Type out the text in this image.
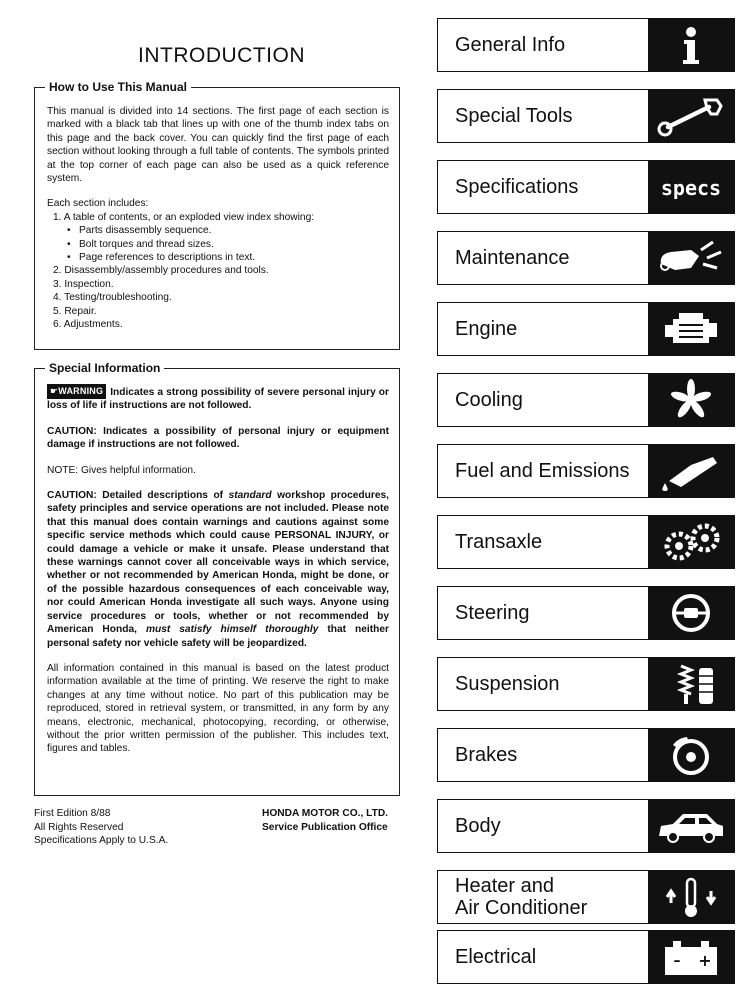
INTRODUCTION
How to Use This Manual

This manual is divided into 14 sections. The first page of each section is marked with a black tab that lines up with one of the thumb index tabs on this page and the back cover. You can quickly find the first page of each section without looking through a full table of contents. The symbols printed at the top corner of each page can also be used as a quick reference system.

Each section includes:

1. A table of contents, or an exploded view index showing:
• Parts disassembly sequence.
• Bolt torques and thread sizes.
• Page references to descriptions in text.
2. Disassembly/assembly procedures and tools.
3. Inspection.
4. Testing/troubleshooting.
5. Repair.
6. Adjustments.
Special Information

☛WARNING Indicates a strong possibility of severe personal injury or loss of life if instructions are not followed.

CAUTION: Indicates a possibility of personal injury or equipment damage if instructions are not followed.

NOTE: Gives helpful information.

CAUTION: Detailed descriptions of standard workshop procedures, safety principles and service operations are not included. Please note that this manual does contain warnings and cautions against some specific service methods which could cause PERSONAL INJURY, or could damage a vehicle or make it unsafe. Please understand that these warnings cannot cover all conceivable ways in which service, whether or not recommended by American Honda, might be done, or of the possible hazardous consequences of each conceivable way, nor could American Honda investigate all such ways. Anyone using service procedures or tools, whether or not recommended by American Honda, must satisfy himself thoroughly that neither personal safety nor vehicle safety will be jeopardized.

All information contained in this manual is based on the latest product information available at the time of printing. We reserve the right to make changes at any time without notice. No part of this publication may be reproduced, stored in retrieval system, or transmitted, in any form by any means, electronic, mechanical, photocopying, recording, or otherwise, without the prior written permission of the publisher. This includes text, figures and tables.

First Edition 8/88
All Rights Reserved
Specifications Apply to U.S.A.
HONDA MOTOR CO., LTD.
Service Publication Office
General Info
Special Tools
Specifications	specs
Maintenance
Engine
Cooling
Fuel and Emissions
Transaxle
Steering
Suspension
Brakes
Body
Heater and
Air Conditioner
Electrical	– +
